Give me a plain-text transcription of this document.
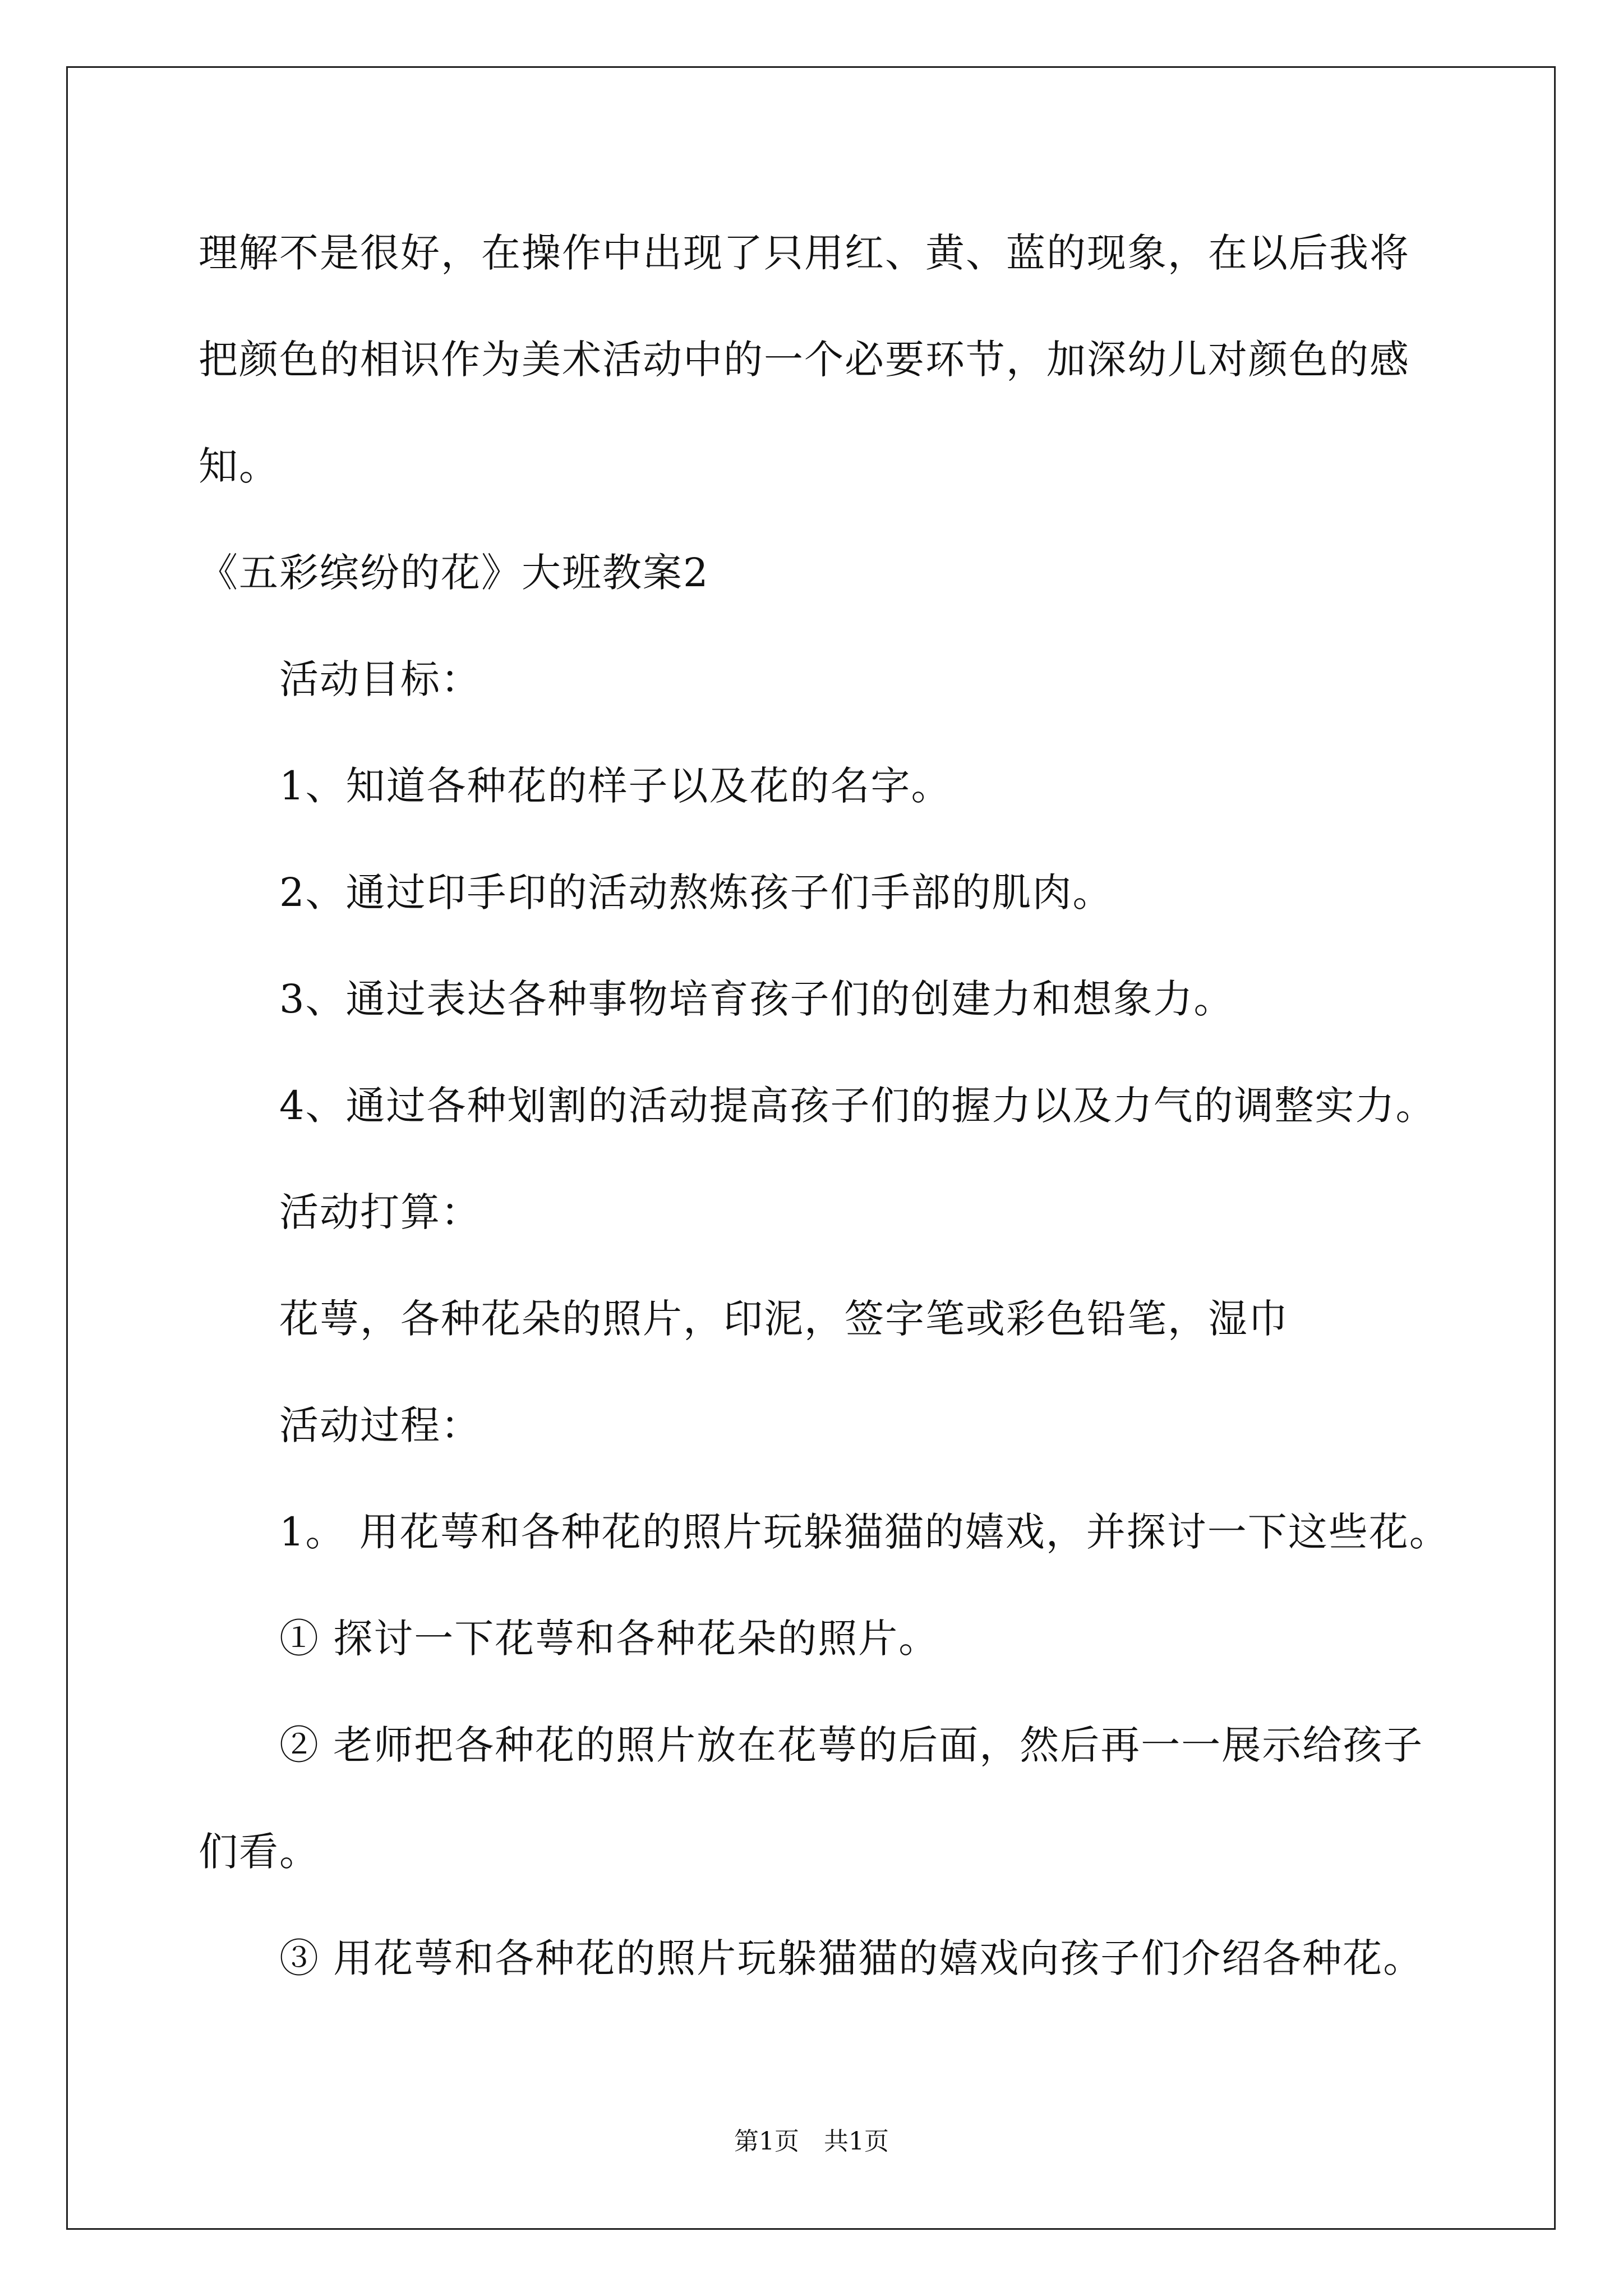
理解不是很好，在操作中出现了只用红、黄、蓝的现象，在以后我将
把颜色的相识作为美术活动中的一个必要环节，加深幼儿对颜色的感
知。
《五彩缤纷的花》大班教案2
活动目标：
1、知道各种花的样子以及花的名字。
2、通过印手印的活动熬炼孩子们手部的肌肉。
3、通过表达各种事物培育孩子们的创建力和想象力。
4、通过各种划割的活动提高孩子们的握力以及力气的调整实力。
活动打算：
花萼，各种花朵的照片，印泥，签字笔或彩色铅笔，湿巾
活动过程：
1。 用花萼和各种花的照片玩躲猫猫的嬉戏，并探讨一下这些花。
① 探讨一下花萼和各种花朵的照片。
② 老师把各种花的照片放在花萼的后面，然后再一一展示给孩子
们看。
③ 用花萼和各种花的照片玩躲猫猫的嬉戏向孩子们介绍各种花。
第1页　共1页
